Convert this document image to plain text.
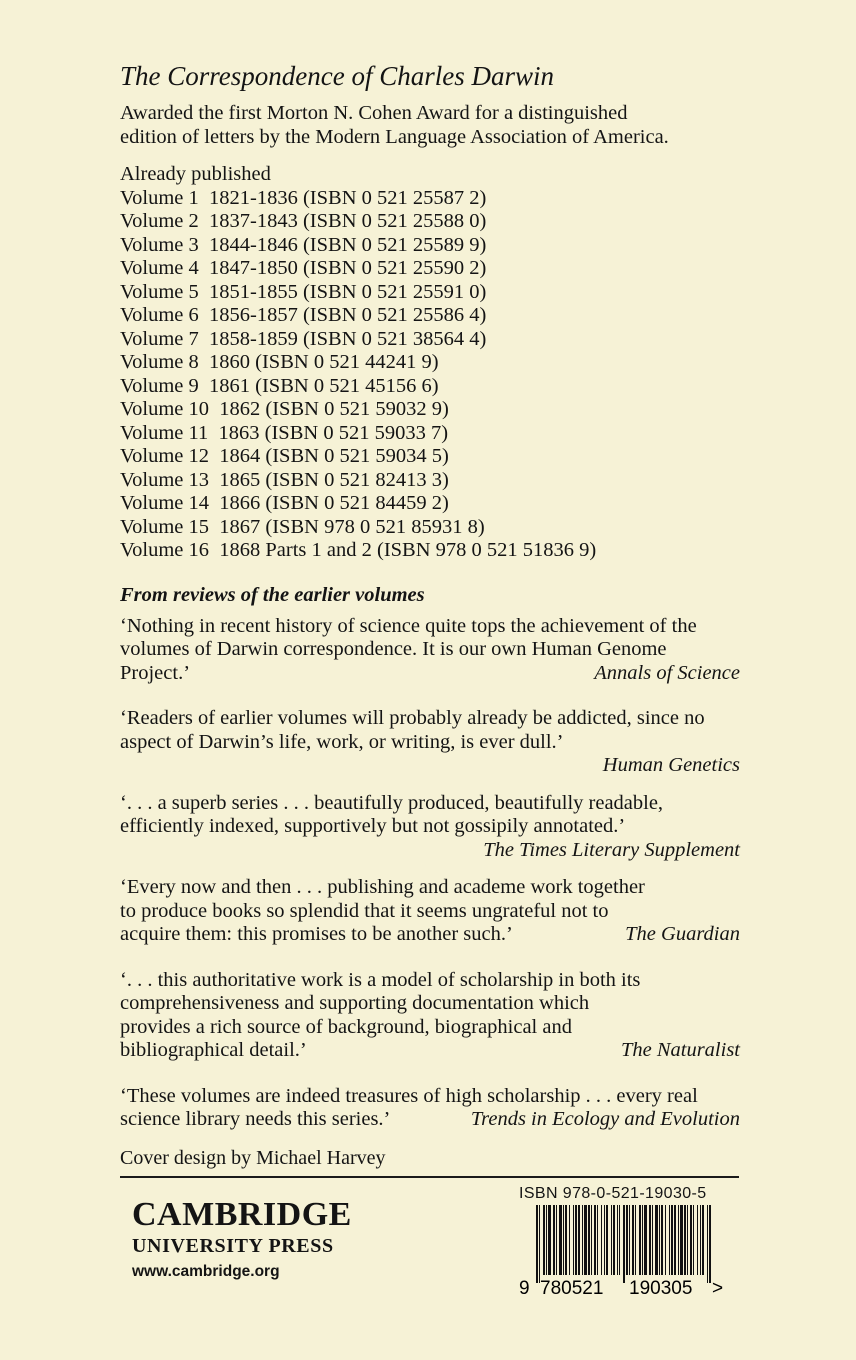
The Correspondence of Charles Darwin
Awarded the first Morton N. Cohen Award for a distinguished
edition of letters by the Modern Language Association of America.
Already published
Volume 1 1821-1836 (ISBN 0 521 25587 2)
Volume 2 1837-1843 (ISBN 0 521 25588 0)
Volume 3 1844-1846 (ISBN 0 521 25589 9)
Volume 4 1847-1850 (ISBN 0 521 25590 2)
Volume 5 1851-1855 (ISBN 0 521 25591 0)
Volume 6 1856-1857 (ISBN 0 521 25586 4)
Volume 7 1858-1859 (ISBN 0 521 38564 4)
Volume 8 1860 (ISBN 0 521 44241 9)
Volume 9 1861 (ISBN 0 521 45156 6)
Volume 10 1862 (ISBN 0 521 59032 9)
Volume 11 1863 (ISBN 0 521 59033 7)
Volume 12 1864 (ISBN 0 521 59034 5)
Volume 13 1865 (ISBN 0 521 82413 3)
Volume 14 1866 (ISBN 0 521 84459 2)
Volume 15 1867 (ISBN 978 0 521 85931 8)
Volume 16 1868 Parts 1 and 2 (ISBN 978 0 521 51836 9)
From reviews of the earlier volumes
‘Nothing in recent history of science quite tops the achievement of the
volumes of Darwin correspondence. It is our own Human Genome
Project.’	Annals of Science
‘Readers of earlier volumes will probably already be addicted, since no
aspect of Darwin’s life, work, or writing, is ever dull.’
Human Genetics
‘. . . a superb series . . . beautifully produced, beautifully readable,
efficiently indexed, supportively but not gossipily annotated.’
The Times Literary Supplement
‘Every now and then . . . publishing and academe work together
to produce books so splendid that it seems ungrateful not to
acquire them: this promises to be another such.’	The Guardian
‘. . . this authoritative work is a model of scholarship in both its
comprehensiveness and supporting documentation which
provides a rich source of background, biographical and
bibliographical detail.’	The Naturalist
‘These volumes are indeed treasures of high scholarship . . . every real
science library needs this series.’	Trends in Ecology and Evolution
Cover design by Michael Harvey
CAMBRIDGE
UNIVERSITY PRESS
www.cambridge.org
ISBN 978-0-521-19030-5
9 780521 190305 >
